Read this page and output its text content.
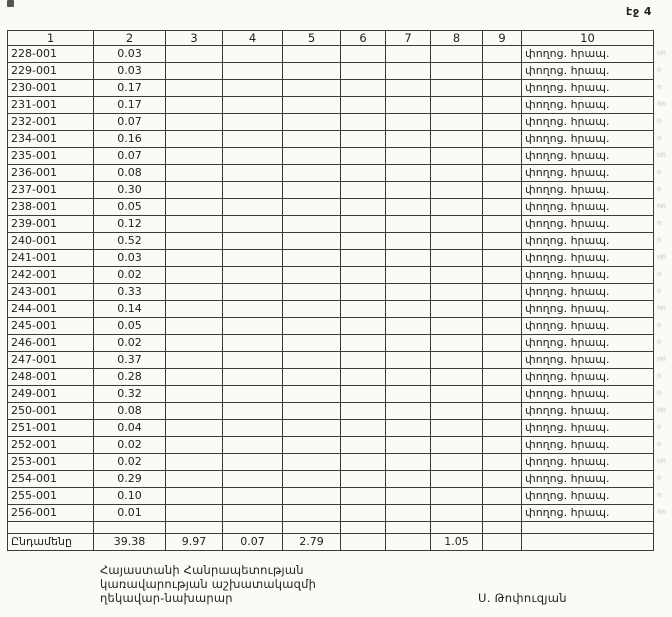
էջ 4
1	2	3	4	5	6	7	8	9	10
228-001	0.03								փողոց. հրապ.
229-001	0.03								փողոց. հրապ.
230-001	0.17								փողոց. հրապ.
231-001	0.17								փողոց. հրապ.
232-001	0.07								փողոց. հրապ.
234-001	0.16								փողոց. հրապ.
235-001	0.07								փողոց. հրապ.
236-001	0.08								փողոց. հրապ.
237-001	0.30								փողոց. հրապ.
238-001	0.05								փողոց. հրապ.
239-001	0.12								փողոց. հրապ.
240-001	0.52								փողոց. հրապ.
241-001	0.03								փողոց. հրապ.
242-001	0.02								փողոց. հրապ.
243-001	0.33								փողոց. հրապ.
244-001	0.14								փողոց. հրապ.
245-001	0.05								փողոց. հրապ.
246-001	0.02								փողոց. հրապ.
247-001	0.37								փողոց. հրապ.
248-001	0.28								փողոց. հրապ.
249-001	0.32								փողոց. հրապ.
250-001	0.08								փողոց. հրապ.
251-001	0.04								փողոց. հրապ.
252-001	0.02								փողոց. հրապ.
253-001	0.02								փողոց. հրապ.
254-001	0.29								փողոց. հրապ.
255-001	0.10								փողոց. հրապ.
256-001	0.01								փողոց. հրապ.

Ընդամենը	39.38	9.97	0.07	2.79			1.05		
Հայաստանի Հանրապետության
կառավարության աշխատակազմի
ղեկավար-նախարար	Ս. Թոփուզյան
ոո
ո
ո
ոո
ո
ո
ոո
ո
ո
ոո
ո
ո
ոո
ո
ո
ոո
ո
ո
ոո
ո
ո
ոո
ո
ո
ոո
ո
ո
ոո
